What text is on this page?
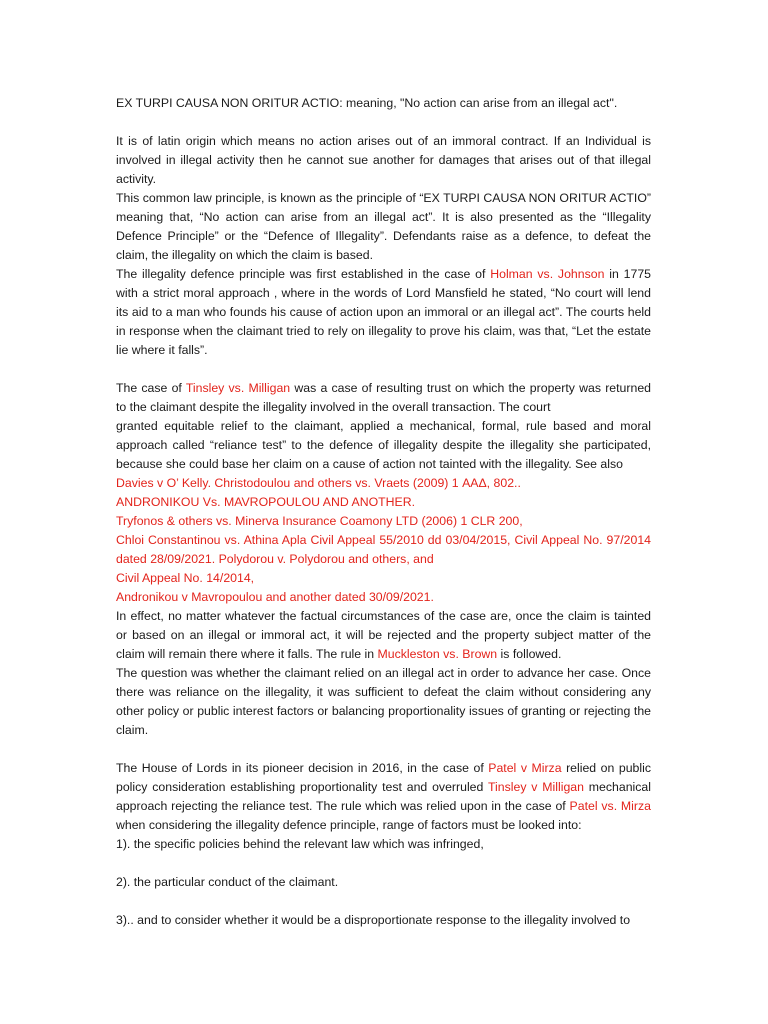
EX TURPI CAUSA NON ORITUR ACTIO: meaning, "No action can arise from an illegal act".

It is of latin origin which means no action arises out of an immoral contract. If an Individual is involved in illegal activity then he cannot sue another for damages that arises out of that illegal activity.

This common law principle, is known as the principle of “EX TURPI CAUSA NON ORITUR ACTIO” meaning that, “No action can arise from an illegal act”. It is also presented as the “Illegality Defence Principle” or the “Defence of Illegality”. Defendants raise as a defence, to defeat the claim, the illegality on which the claim is based.

The illegality defence principle was first established in the case of Holman vs. Johnson in 1775 with a strict moral approach , where in the words of Lord Mansfield he stated, “No court will lend its aid to a man who founds his cause of action upon an immoral or an illegal act”. The courts held in response when the claimant tried to rely on illegality to prove his claim, was that, “Let the estate lie where it falls”.

The case of Tinsley vs. Milligan was a case of resulting trust on which the property was returned to the claimant despite the illegality involved in the overall transaction. The court

granted equitable relief to the claimant, applied a mechanical, formal, rule based and moral approach called “reliance test” to the defence of illegality despite the illegality she participated, because she could base her claim on a cause of action not tainted with the illegality. See also

Davies v O’ Kelly. Christodoulou and others vs. Vraets (2009) 1 ΑΑΔ, 802..

ANDRONIKOU Vs. MAVROPOULOU AND ANOTHER.

Tryfonos & others vs. Minerva Insurance Coamony LTD (2006) 1 CLR 200,

Chloi Constantinou vs. Athina Apla Civil Appeal 55/2010 dd 03/04/2015, Civil Appeal No. 97/2014 dated 28/09/2021. Polydorou v. Polydorou and others, and

Civil Appeal No. 14/2014,

Andronikou v Mavropoulou and another dated 30/09/2021.

In effect, no matter whatever the factual circumstances of the case are, once the claim is tainted or based on an illegal or immoral act, it will be rejected and the property subject matter of the claim will remain there where it falls. The rule in Muckleston vs. Brown is followed.

The question was whether the claimant relied on an illegal act in order to advance her case. Once there was reliance on the illegality, it was sufficient to defeat the claim without considering any other policy or public interest factors or balancing proportionality issues of granting or rejecting the claim.

The House of Lords in its pioneer decision in 2016, in the case of Patel v Mirza relied on public policy consideration establishing proportionality test and overruled Tinsley v Milligan mechanical approach rejecting the reliance test. The rule which was relied upon in the case of Patel vs. Mirza when considering the illegality defence principle, range of factors must be looked into:

1). the specific policies behind the relevant law which was infringed,

2). the particular conduct of the claimant.

3).. and to consider whether it would be a disproportionate response to the illegality involved to
